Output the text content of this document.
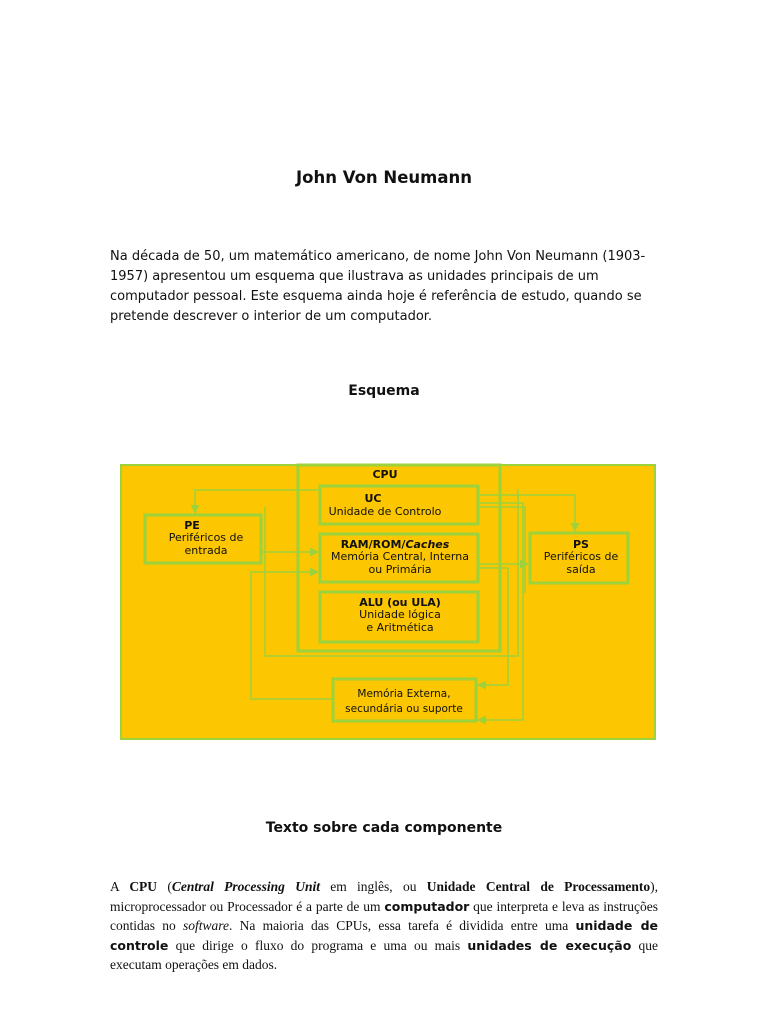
John Von Neumann

Na década de 50, um matemático americano, de nome John Von Neumann (1903-1957) apresentou um esquema que ilustrava as unidades principais de um computador pessoal. Este esquema ainda hoje é referência de estudo, quando se pretende descrever o interior de um computador.

Esquema
CPU
UC
Unidade de Controlo
RAM/ROM/Caches
Memória Central, Interna
ou Primária
ALU (ou ULA)
Unidade lógica
e Aritmética
PE
Periféricos de
entrada	PS
Periféricos de
saída
Memória Externa,
secundária ou suporte
Texto sobre cada componente

A CPU (Central Processing Unit em inglês, ou Unidade Central de Processamento), microprocessador ou Processador é a parte de um computador que interpreta e leva as instruções contidas no software. Na maioria das CPUs, essa tarefa é dividida entre uma unidade de controle que dirige o fluxo do programa e uma ou mais unidades de execução que executam operações em dados.
